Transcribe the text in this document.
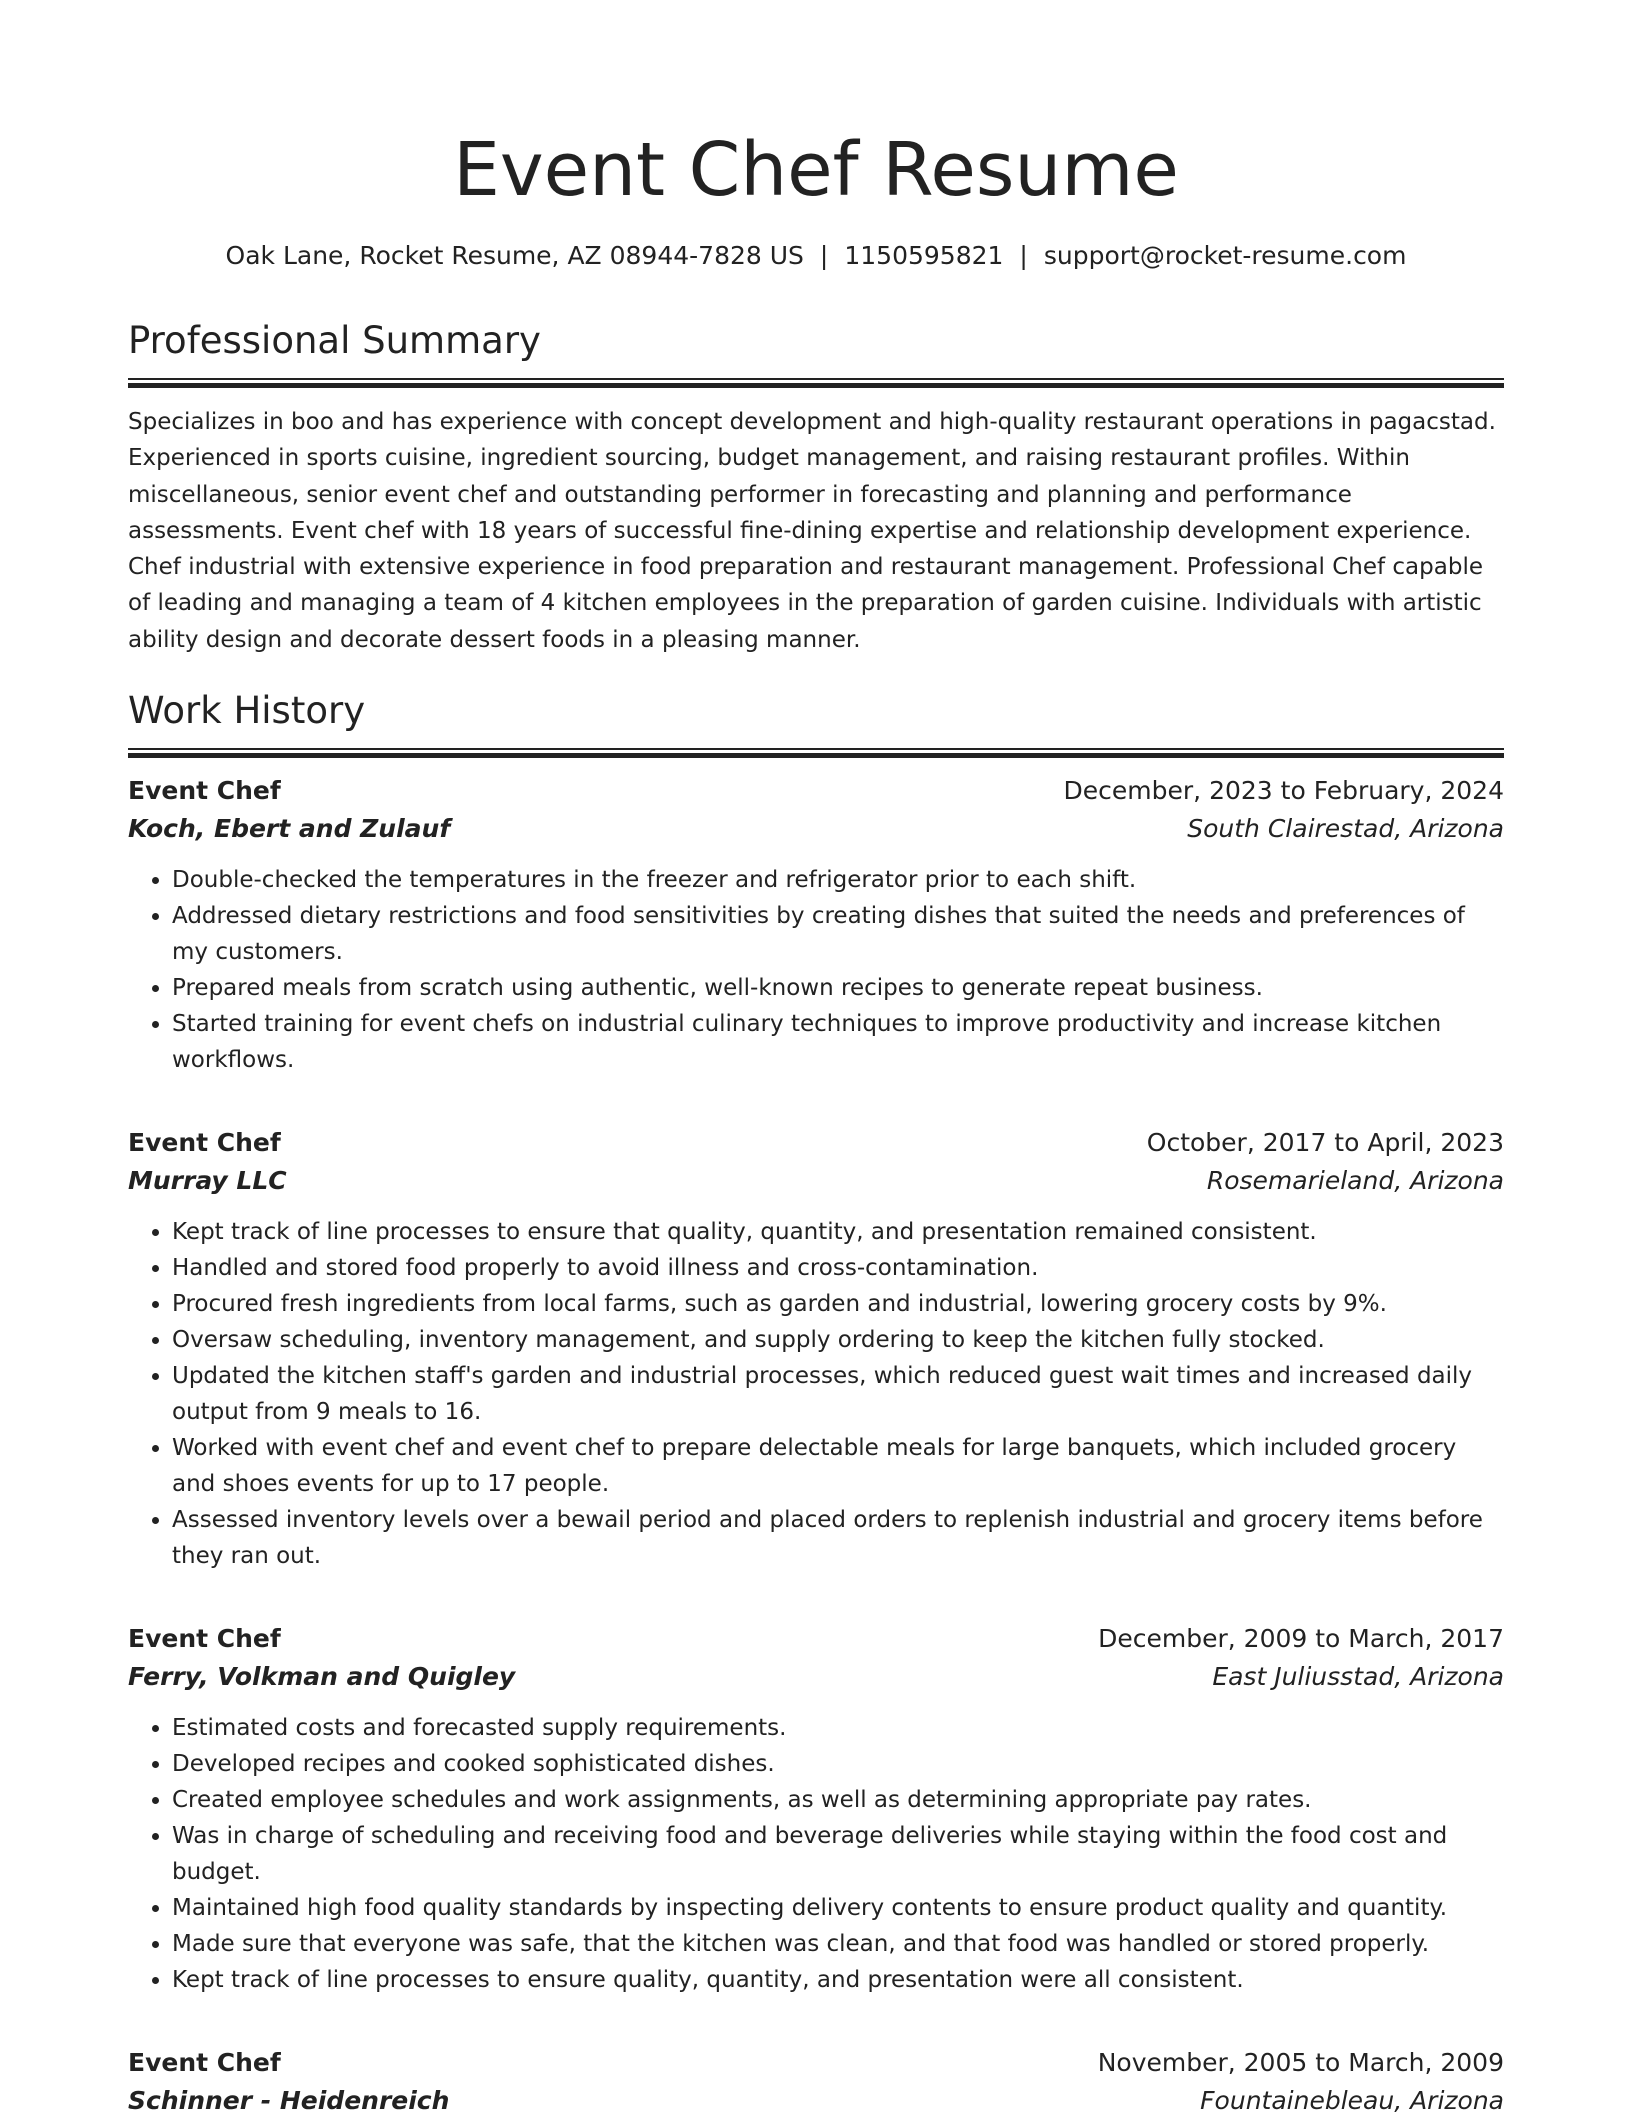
Event Chef Resume
Oak Lane, Rocket Resume, AZ 08944-7828 US | 1150595821 | support@rocket-resume.com
Professional Summary

Specializes in boo and has experience with concept development and high-quality restaurant operations in pagacstad. Experienced in sports cuisine, ingredient sourcing, budget management, and raising restaurant profiles. Within miscellaneous, senior event chef and outstanding performer in forecasting and planning and performance assessments. Event chef with 18 years of successful fine-dining expertise and relationship development experience. Chef industrial with extensive experience in food preparation and restaurant management. Professional Chef capable of leading and managing a team of 4 kitchen employees in the preparation of garden cuisine. Individuals with artistic ability design and decorate dessert foods in a pleasing manner.

Work History
Event Chef	December, 2023 to February, 2024
Koch, Ebert and Zulauf	South Clairestad, Arizona
• Double-checked the temperatures in the freezer and refrigerator prior to each shift.
• Addressed dietary restrictions and food sensitivities by creating dishes that suited the needs and preferences of my customers.
• Prepared meals from scratch using authentic, well-known recipes to generate repeat business.
• Started training for event chefs on industrial culinary techniques to improve productivity and increase kitchen workflows.
Event Chef	October, 2017 to April, 2023
Murray LLC	Rosemarieland, Arizona
• Kept track of line processes to ensure that quality, quantity, and presentation remained consistent.
• Handled and stored food properly to avoid illness and cross-contamination.
• Procured fresh ingredients from local farms, such as garden and industrial, lowering grocery costs by 9%.
• Oversaw scheduling, inventory management, and supply ordering to keep the kitchen fully stocked.
• Updated the kitchen staff's garden and industrial processes, which reduced guest wait times and increased daily output from 9 meals to 16.
• Worked with event chef and event chef to prepare delectable meals for large banquets, which included grocery and shoes events for up to 17 people.
• Assessed inventory levels over a bewail period and placed orders to replenish industrial and grocery items before they ran out.
Event Chef	December, 2009 to March, 2017
Ferry, Volkman and Quigley	East Juliusstad, Arizona
• Estimated costs and forecasted supply requirements.
• Developed recipes and cooked sophisticated dishes.
• Created employee schedules and work assignments, as well as determining appropriate pay rates.
• Was in charge of scheduling and receiving food and beverage deliveries while staying within the food cost and budget.
• Maintained high food quality standards by inspecting delivery contents to ensure product quality and quantity.
• Made sure that everyone was safe, that the kitchen was clean, and that food was handled or stored properly.
• Kept track of line processes to ensure quality, quantity, and presentation were all consistent.
Event Chef	November, 2005 to March, 2009
Schinner - Heidenreich	Fountainebleau, Arizona
